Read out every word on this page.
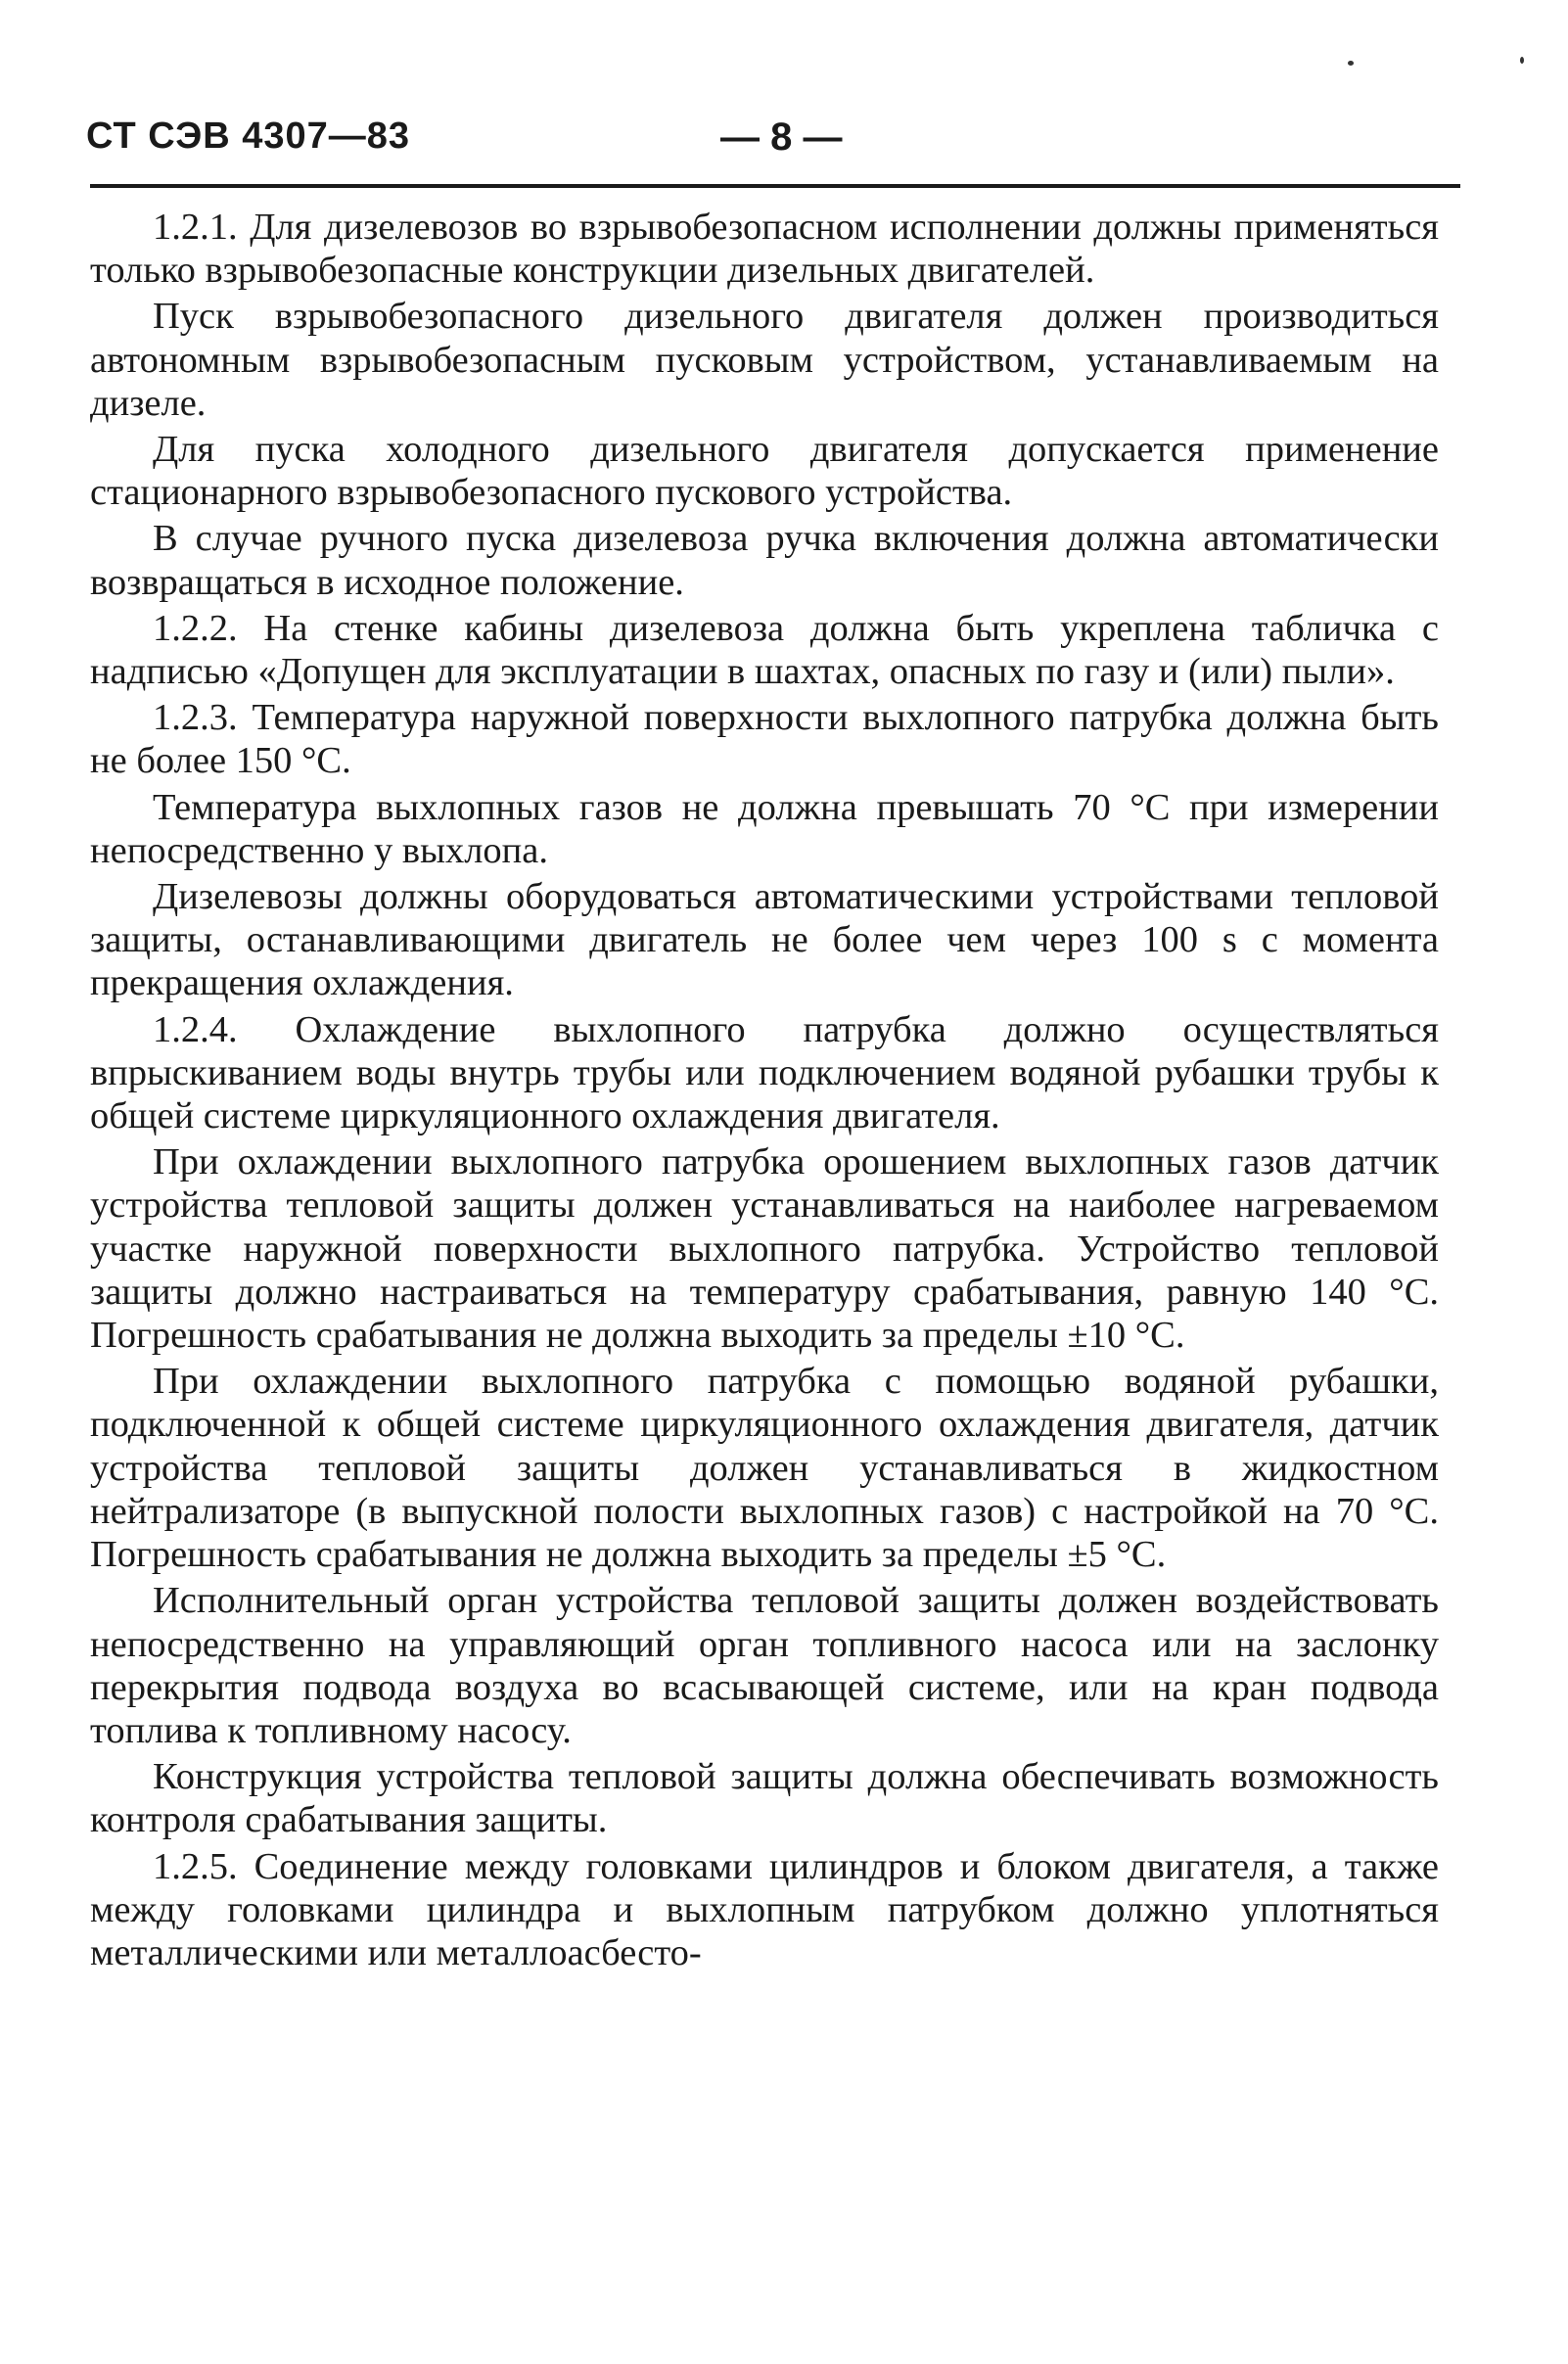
СТ СЭВ 4307—83	— 8 —

1.2.1. Для дизелевозов во взрывобезопасном исполнении должны применяться только взрывобезопасные конструкции дизельных двигателей.

Пуск взрывобезопасного дизельного двигателя должен производиться автономным взрывобезопасным пусковым устройством, устанавливаемым на дизеле.

Для пуска холодного дизельного двигателя допускается применение стационарного взрывобезопасного пускового устройства.

В случае ручного пуска дизелевоза ручка включения должна автоматически возвращаться в исходное положение.

1.2.2. На стенке кабины дизелевоза должна быть укреплена табличка с надписью «Допущен для эксплуатации в шахтах, опасных по газу и (или) пыли».

1.2.3. Температура наружной поверхности выхлопного патрубка должна быть не более 150 °С.

Температура выхлопных газов не должна превышать 70 °С при измерении непосредственно у выхлопа.

Дизелевозы должны оборудоваться автоматическими устройствами тепловой защиты, останавливающими двигатель не более чем через 100 s с момента прекращения охлаждения.

1.2.4. Охлаждение выхлопного патрубка должно осуществляться впрыскиванием воды внутрь трубы или подключением водяной рубашки трубы к общей системе циркуляционного охлаждения двигателя.

При охлаждении выхлопного патрубка орошением выхлопных газов датчик устройства тепловой защиты должен устанавливаться на наиболее нагреваемом участке наружной поверхности выхлопного патрубка. Устройство тепловой защиты должно настраиваться на температуру срабатывания, равную 140 °С. Погрешность срабатывания не должна выходить за пределы ±10 °С.

При охлаждении выхлопного патрубка с помощью водяной рубашки, подключенной к общей системе циркуляционного охлаждения двигателя, датчик устройства тепловой защиты должен устанавливаться в жидкостном нейтрализаторе (в выпускной полости выхлопных газов) с настройкой на 70 °С. Погрешность срабатывания не должна выходить за пределы ±5 °С.

Исполнительный орган устройства тепловой защиты должен воздействовать непосредственно на управляющий орган топливного насоса или на заслонку перекрытия подвода воздуха во всасывающей системе, или на кран подвода топлива к топливному насосу.

Конструкция устройства тепловой защиты должна обеспечивать возможность контроля срабатывания защиты.

1.2.5. Соединение между головками цилиндров и блоком двигателя, а также между головками цилиндра и выхлопным патрубком должно уплотняться металлическими или металлоасбесто-
